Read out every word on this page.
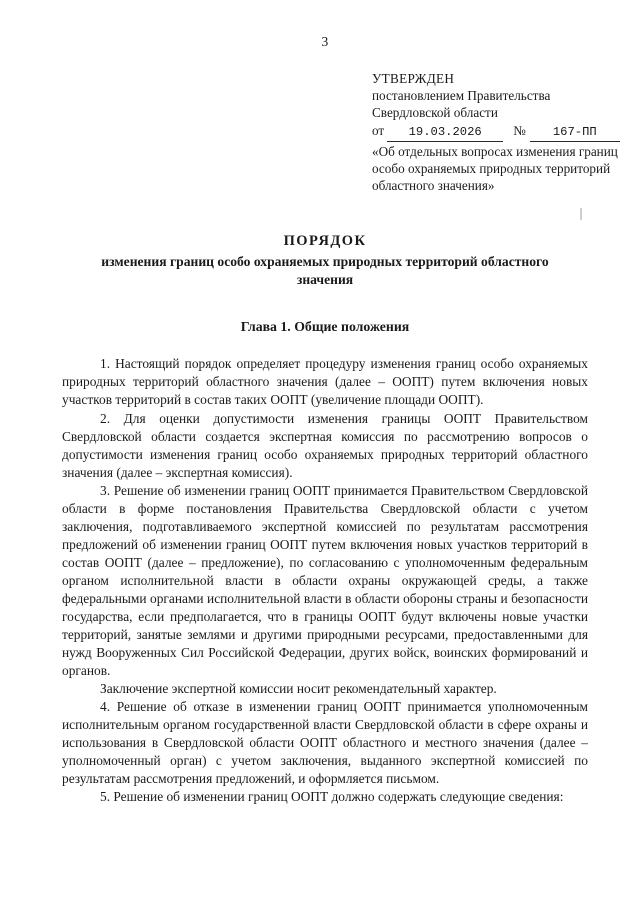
3
УТВЕРЖДЕН
постановлением Правительства
Свердловской области
от	19.03.2026	№	167-ПП
«Об отдельных вопросах изменения границ особо охраняемых природных территорий областного значения»
ПОРЯДОК
изменения границ особо охраняемых природных территорий областного значения
Глава 1. Общие положения

1. Настоящий порядок определяет процедуру изменения границ особо охраняемых природных территорий областного значения (далее – ООПТ) путем включения новых участков территорий в состав таких ООПТ (увеличение площади ООПТ).

2. Для оценки допустимости изменения границы ООПТ Правительством Свердловской области создается экспертная комиссия по рассмотрению вопросов о допустимости изменения границ особо охраняемых природных территорий областного значения (далее – экспертная комиссия).

3. Решение об изменении границ ООПТ принимается Правительством Свердловской области в форме постановления Правительства Свердловской области с учетом заключения, подготавливаемого экспертной комиссией по результатам рассмотрения предложений об изменении границ ООПТ путем включения новых участков территорий в состав ООПТ (далее – предложение), по согласованию с уполномоченным федеральным органом исполнительной власти в области охраны окружающей среды, а также федеральными органами исполнительной власти в области обороны страны и безопасности государства, если предполагается, что в границы ООПТ будут включены новые участки территорий, занятые землями и другими природными ресурсами, предоставленными для нужд Вооруженных Сил Российской Федерации, других войск, воинских формирований и органов.

Заключение экспертной комиссии носит рекомендательный характер.

4. Решение об отказе в изменении границ ООПТ принимается уполномоченным исполнительным органом государственной власти Свердловской области в сфере охраны и использования в Свердловской области ООПТ областного и местного значения (далее – уполномоченный орган) с учетом заключения, выданного экспертной комиссией по результатам рассмотрения предложений, и оформляется письмом.

5. Решение об изменении границ ООПТ должно содержать следующие сведения:
